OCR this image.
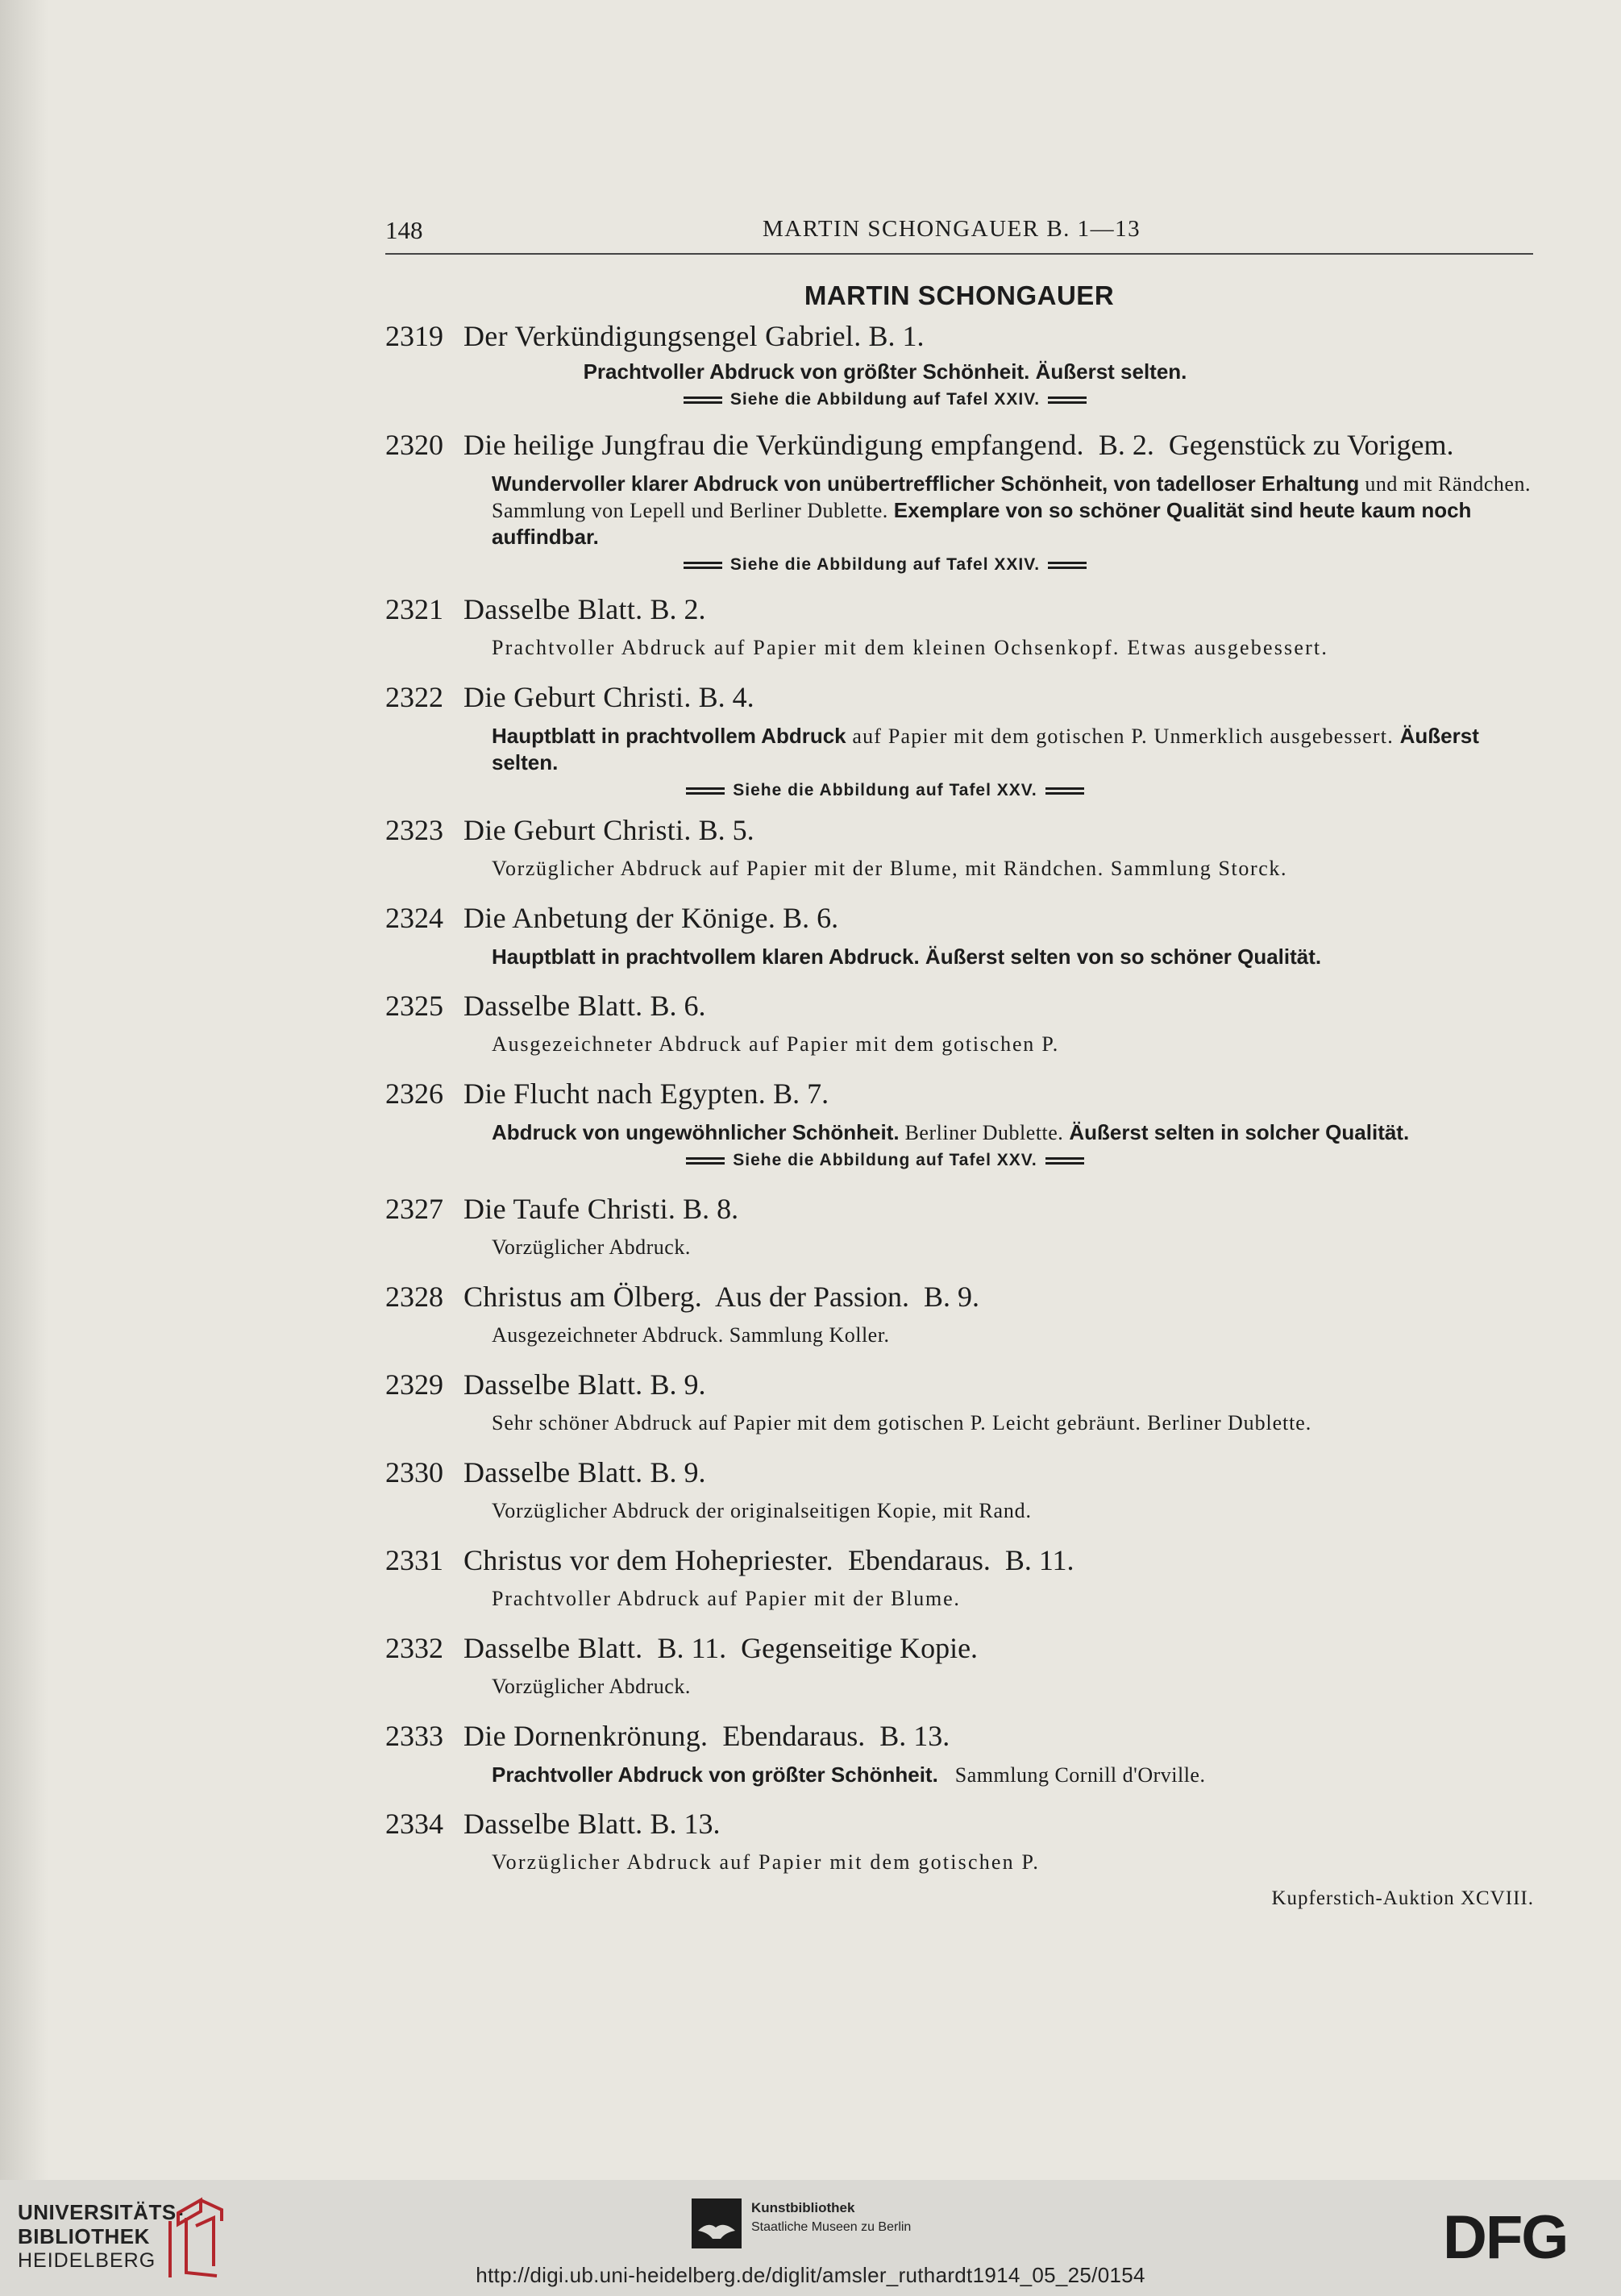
148	MARTIN SCHONGAUER B. 1—13
MARTIN SCHONGAUER
2319 Der Verkündigungsengel Gabriel. B. 1.
Prachtvoller Abdruck von größter Schönheit. Äußerst selten.
Siehe die Abbildung auf Tafel XXIV.
2320 Die heilige Jungfrau die Verkündigung empfangend. B. 2. Gegenstück zu Vorigem.
Wundervoller klarer Abdruck von unübertrefflicher Schönheit, von tadelloser Erhaltung und mit Rändchen. Sammlung von Lepell und Berliner Dublette. Exemplare von so schöner Qualität sind heute kaum noch auffindbar.
Siehe die Abbildung auf Tafel XXIV.
2321 Dasselbe Blatt. B. 2.
Prachtvoller Abdruck auf Papier mit dem kleinen Ochsenkopf. Etwas ausgebessert.
2322 Die Geburt Christi. B. 4.
Hauptblatt in prachtvollem Abdruck auf Papier mit dem gotischen P. Unmerklich ausgebessert. Äußerst selten.
Siehe die Abbildung auf Tafel XXV.
2323 Die Geburt Christi. B. 5.
Vorzüglicher Abdruck auf Papier mit der Blume, mit Rändchen. Sammlung Storck.
2324 Die Anbetung der Könige. B. 6.
Hauptblatt in prachtvollem klaren Abdruck. Äußerst selten von so schöner Qualität.
2325 Dasselbe Blatt. B. 6.
Ausgezeichneter Abdruck auf Papier mit dem gotischen P.
2326 Die Flucht nach Egypten. B. 7.
Abdruck von ungewöhnlicher Schönheit. Berliner Dublette. Äußerst selten in solcher Qualität.
Siehe die Abbildung auf Tafel XXV.
2327 Die Taufe Christi. B. 8.
Vorzüglicher Abdruck.
2328 Christus am Ölberg. Aus der Passion. B. 9.
Ausgezeichneter Abdruck. Sammlung Koller.
2329 Dasselbe Blatt. B. 9.
Sehr schöner Abdruck auf Papier mit dem gotischen P. Leicht gebräunt. Berliner Dublette.
2330 Dasselbe Blatt. B. 9.
Vorzüglicher Abdruck der originalseitigen Kopie, mit Rand.
2331 Christus vor dem Hohepriester. Ebendaraus. B. 11.
Prachtvoller Abdruck auf Papier mit der Blume.
2332 Dasselbe Blatt. B. 11. Gegenseitige Kopie.
Vorzüglicher Abdruck.
2333 Die Dornenkrönung. Ebendaraus. B. 13.
Prachtvoller Abdruck von größter Schönheit. Sammlung Cornill d'Orville.
2334 Dasselbe Blatt. B. 13.
Vorzüglicher Abdruck auf Papier mit dem gotischen P.
Kupferstich-Auktion XCVIII.
UNIVERSITÄTS-
BIBLIOTHEK
HEIDELBERG
Kunstbibliothek
Staatliche Museen zu Berlin	DFG
http://digi.ub.uni-heidelberg.de/diglit/amsler_ruthardt1914_05_25/0154
